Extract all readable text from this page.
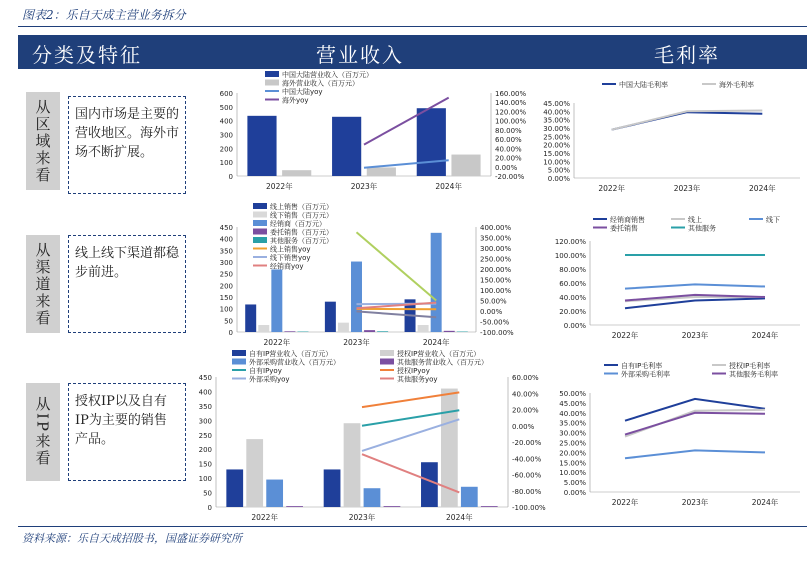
图表2：乐自天成主营业务拆分
分类及特征	营业收入	毛利率
从区域来看	国内市场是主要的营收地区。海外市场不断扩展。
从渠道来看	线上线下渠道都稳步前进。
从IP来看	授权IP以及自有IP为主要的销售产品。
0
100
200
300
400
500
600
-20.00%
0.00%
20.00%
40.00%
60.00%
80.00%
100.00%
120.00%
140.00%
160.00%
2022年	2023年	2024年
中国大陆营业收入（百万元）
海外营业收入（百万元）
中国大陆yoy
海外yoy
0.00%
5.00%
10.00%
15.00%
20.00%
25.00%
30.00%
35.00%
40.00%
45.00%
2022年	2023年	2024年
中国大陆毛利率	海外毛利率
0
50
100
150
200
250
300
350
400
450
-100.00%
-50.00%
0.00%
50.00%
100.00%
150.00%
200.00%
250.00%
300.00%
350.00%
400.00%
2022年	2023年	2024年
线上销售（百万元）
线下销售（百万元）
经销商（百万元）
委托销售（百万元）
其他服务（百万元）
线上销售yoy
线下销售yoy
经销商yoy
0.00%
20.00%
40.00%
60.00%
80.00%
100.00%
120.00%
2022年	2023年	2024年
经销商销售	线上	线下
委托销售	其他服务
0
50
100
150
200
250
300
350
400
450
-100.00%
-80.00%
-60.00%
-40.00%
-20.00%
0.00%
20.00%
40.00%
60.00%
2022年	2023年	2024年
自有IP营业收入（百万元）	授权IP营业收入（百万元）
外部采购营业收入（百万元）	其他服务营业收入（百万元）
自有IPyoy	授权IPyoy
外部采购yoy	其他服务yoy
0.00%
5.00%
10.00%
15.00%
20.00%
25.00%
30.00%
35.00%
40.00%
45.00%
50.00%
2022年	2023年	2024年
自有IP毛利率	授权IP毛利率
外部采购毛利率	其他服务毛利率
资料来源：乐自天成招股书，国盛证券研究所
